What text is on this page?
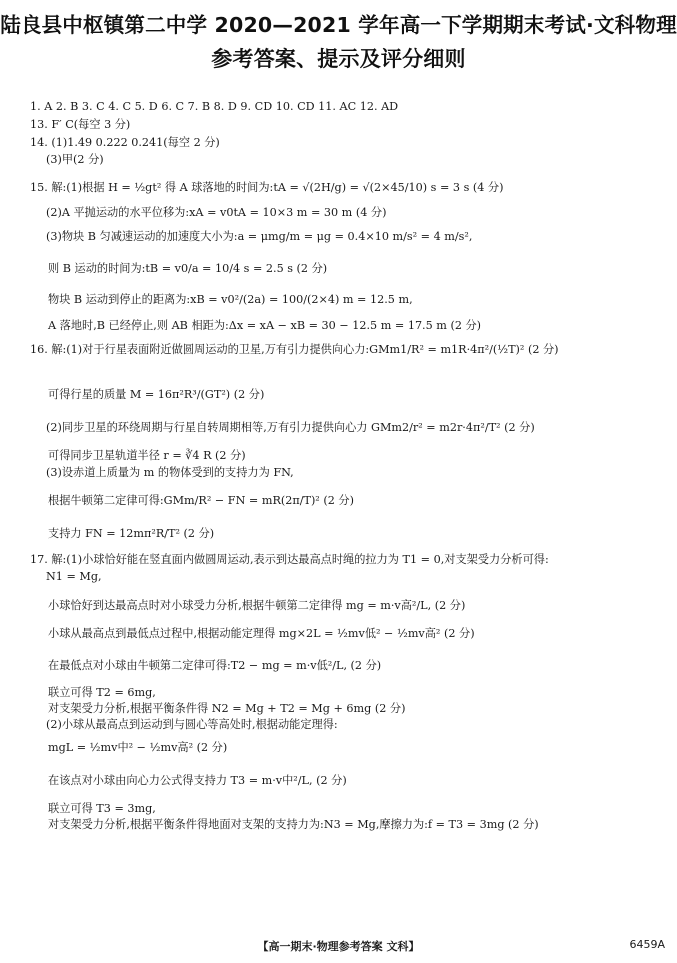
陆良县中枢镇第二中学 2020—2021 学年高一下学期期末考试·文科物理
参考答案、提示及评分细则
1. A 2. B 3. C 4. C 5. D 6. C 7. B 8. D 9. CD 10. CD 11. AC 12. AD
13. F′ C(每空 3 分)
14. (1)1.49 0.222 0.241(每空 2 分)
(3)甲(2 分)
15. 解:(1)根据 H = ½gt² 得 A 球落地的时间为:tA = √(2H/g) = √(2×45/10) s = 3 s (4 分)
(2)A 平抛运动的水平位移为:xA = v0tA = 10×3 m = 30 m (4 分)
(3)物块 B 匀减速运动的加速度大小为:a = μmg/m = μg = 0.4×10 m/s² = 4 m/s²,
则 B 运动的时间为:tB = v0/a = 10/4 s = 2.5 s (2 分)
物块 B 运动到停止的距离为:xB = v0²/(2a) = 100/(2×4) m = 12.5 m,
A 落地时,B 已经停止,则 AB 相距为:Δx = xA − xB = 30 − 12.5 m = 17.5 m (2 分)
16. 解:(1)对于行星表面附近做圆周运动的卫星,万有引力提供向心力:GMm1/R² = m1R·4π²/(½T)² (2 分)
可得行星的质量 M = 16π²R³/(GT²) (2 分)
(2)同步卫星的环绕周期与行星自转周期相等,万有引力提供向心力 GMm2/r² = m2r·4π²/T² (2 分)
可得同步卫星轨道半径 r = ∛4 R (2 分)
(3)设赤道上质量为 m 的物体受到的支持力为 FN,
根据牛顿第二定律可得:GMm/R² − FN = mR(2π/T)² (2 分)
支持力 FN = 12mπ²R/T² (2 分)
17. 解:(1)小球恰好能在竖直面内做圆周运动,表示到达最高点时绳的拉力为 T1 = 0,对支架受力分析可得:
N1 = Mg,
小球恰好到达最高点时对小球受力分析,根据牛顿第二定律得 mg = m·v高²/L, (2 分)
小球从最高点到最低点过程中,根据动能定理得 mg×2L = ½mv低² − ½mv高² (2 分)
在最低点对小球由牛顿第二定律可得:T2 − mg = m·v低²/L, (2 分)
联立可得 T2 = 6mg,
对支架受力分析,根据平衡条件得 N2 = Mg + T2 = Mg + 6mg (2 分)
(2)小球从最高点到运动到与圆心等高处时,根据动能定理得:
mgL = ½mv中² − ½mv高² (2 分)
在该点对小球由向心力公式得支持力 T3 = m·v中²/L, (2 分)
联立可得 T3 = 3mg,
对支架受力分析,根据平衡条件得地面对支架的支持力为:N3 = Mg,摩擦力为:f = T3 = 3mg (2 分)
【高一期末·物理参考答案 文科】	6459A
